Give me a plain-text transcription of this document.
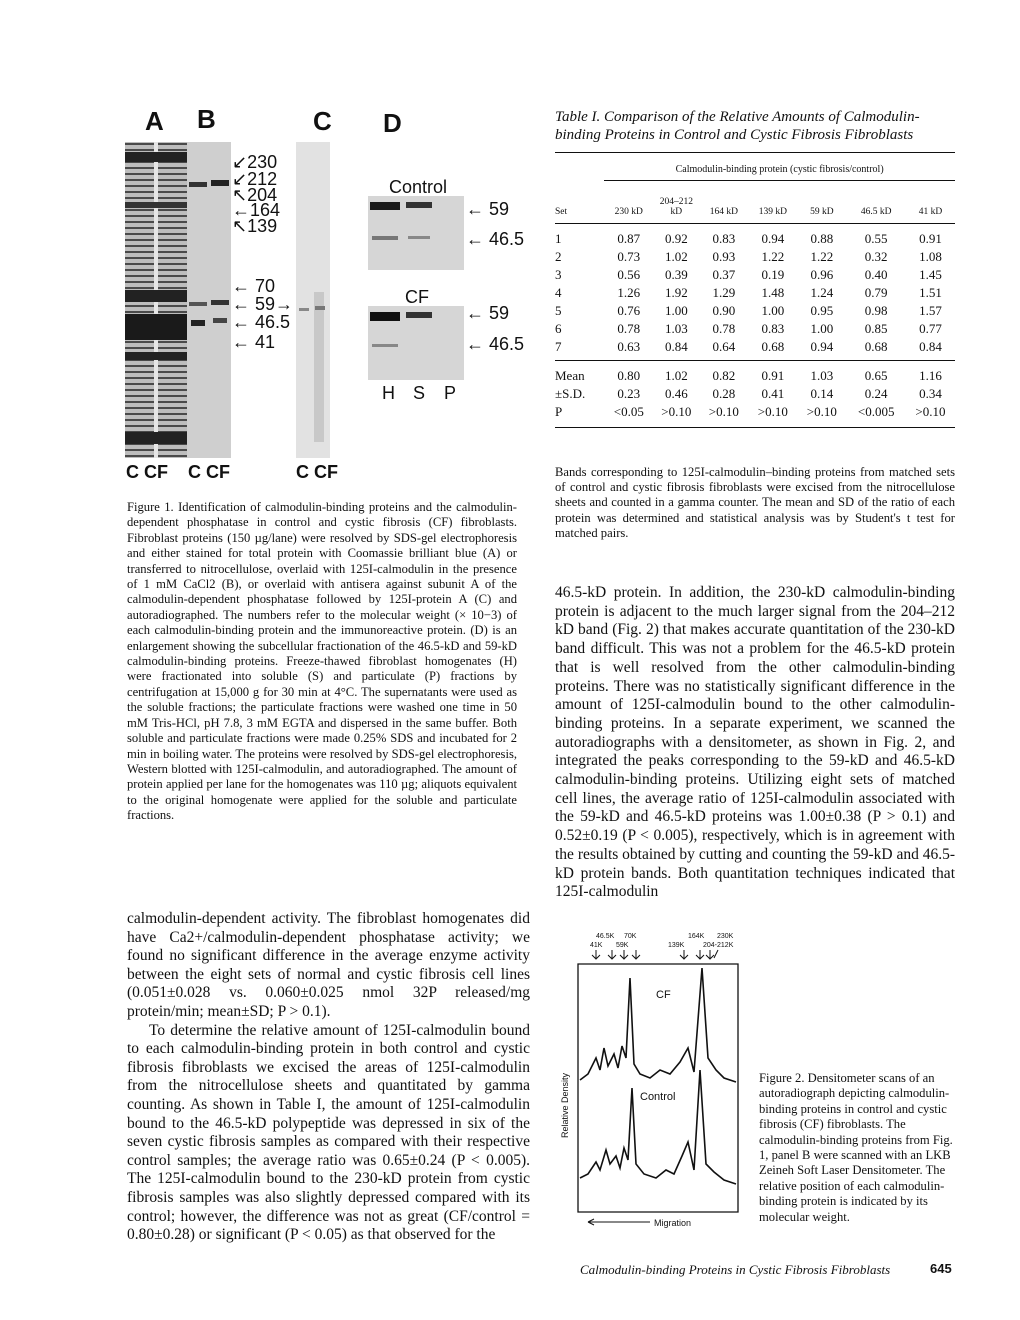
A B	C D
↙230
↙212
↖204
←164
↖139
← 70
← 59→
← 46.5
← 41
Control
CF
← 59
← 46.5
← 59
← 46.5
H S P
C CF C CF	C CF

Figure 1. Identification of calmodulin-binding proteins and the calmodulin-dependent phosphatase in control and cystic fibrosis (CF) fibroblasts. Fibroblast proteins (150 µg/lane) were resolved by SDS-gel electrophoresis and either stained for total protein with Coomassie brilliant blue (A) or transferred to nitrocellulose, overlaid with 125I-calmodulin in the presence of 1 mM CaCl2 (B), or overlaid with antisera against subunit A of the calmodulin-dependent phosphatase followed by 125I-protein A (C) and autoradiographed. The numbers refer to the molecular weight (× 10−3) of each calmodulin-binding protein and the immunoreactive protein. (D) is an enlargement showing the subcellular fractionation of the 46.5-kD and 59-kD calmodulin-binding proteins. Freeze-thawed fibroblast homogenates (H) were fractionated into soluble (S) and particulate (P) fractions by centrifugation at 15,000 g for 30 min at 4°C. The supernatants were used as the soluble fractions; the particulate fractions were washed one time in 50 mM Tris-HCl, pH 7.8, 3 mM EGTA and dispersed in the same buffer. Both soluble and particulate fractions were made 0.25% SDS and incubated for 2 min in boiling water. The proteins were resolved by SDS-gel electrophoresis, Western blotted with 125I-calmodulin, and autoradiographed. The amount of protein applied per lane for the homogenates was 110 µg; aliquots equivalent to the original homogenate were applied for the soluble and particulate fractions.

Table I. Comparison of the Relative Amounts of Calmodulin-binding Proteins in Control and Cystic Fibrosis Fibroblasts
	Calmodulin-binding protein (cystic fibrosis/control)						
Set	230 kD	204–212 kD	164 kD	139 kD	59 kD	46.5 kD	41 kD

1	0.87	0.92	0.83	0.94	0.88	0.55	0.91
2	0.73	1.02	0.93	1.22	1.22	0.32	1.08
3	0.56	0.39	0.37	0.19	0.96	0.40	1.45
4	1.26	1.92	1.29	1.48	1.24	0.79	1.51
5	0.76	1.00	0.90	1.00	0.95	0.98	1.57
6	0.78	1.03	0.78	0.83	1.00	0.85	0.77
7	0.63	0.84	0.64	0.68	0.94	0.68	0.84

Mean	0.80	1.02	0.82	0.91	1.03	0.65	1.16
±S.D.	0.23	0.46	0.28	0.41	0.14	0.24	0.34
P	<0.05	>0.10	>0.10	>0.10	>0.10	<0.005	>0.10

Bands corresponding to 125I-calmodulin–binding proteins from matched sets of control and cystic fibrosis fibroblasts were excised from the nitrocellulose sheets and counted in a gamma counter. The mean and SD of the ratio of each protein was determined and statistical analysis was by Student's t test for matched pairs.

46.5-kD protein. In addition, the 230-kD calmodulin-binding protein is adjacent to the much larger signal from the 204–212 kD band (Fig. 2) that makes accurate quantitation of the 230-kD band difficult. This was not a problem for the 46.5-kD protein that is well resolved from the other calmodulin-binding proteins. There was no statistically significant difference in the amount of 125I-calmodulin bound to the other calmodulin-binding proteins. In a separate experiment, we scanned the autoradiographs with a densitometer, as shown in Fig. 2, and integrated the peaks corresponding to the 59-kD and 46.5-kD calmodulin-binding proteins. Utilizing eight sets of matched cell lines, the average ratio of 125I-calmodulin associated with the 59-kD and 46.5-kD proteins was 1.00±0.38 (P > 0.1) and 0.52±0.19 (P < 0.005), respectively, which is in agreement with the results obtained by cutting and counting the 59-kD and 46.5-kD protein bands. Both quantitation techniques indicated that 125I-calmodulin

calmodulin-dependent activity. The fibroblast homogenates did have Ca2+/calmodulin-dependent phosphatase activity; we found no significant difference in the average enzyme activity between the eight sets of normal and cystic fibrosis cell lines (0.051±0.028 vs. 0.060±0.025 nmol 32P released/mg protein/min; mean±SD; P > 0.1).

To determine the relative amount of 125I-calmodulin bound to each calmodulin-binding protein in both control and cystic fibrosis fibroblasts we excised the areas of 125I-calmodulin from the nitrocellulose sheets and quantitated by gamma counting. As shown in Table I, the amount of 125I-calmodulin bound to the 46.5-kD polypeptide was depressed in six of the seven cystic fibrosis samples as compared with their respective control samples; the average ratio was 0.65±0.24 (P < 0.005). The 125I-calmodulin bound to the 230-kD protein from cystic fibrosis samples was also slightly depressed compared with its control; however, the difference was not as great (CF/control = 0.80±0.28) or significant (P < 0.05) as that observed for the

46.5K 70K	164K 230K
41K 59K	139K	204-212K
CF
Control
Relative Density
Migration

Figure 2. Densitometer scans of an autoradiograph depicting calmodulin-binding proteins in control and cystic fibrosis (CF) fibroblasts. The calmodulin-binding proteins from Fig. 1, panel B were scanned with an LKB Zeineh Soft Laser Densitometer. The relative position of each calmodulin-binding protein is indicated by its molecular weight.

Calmodulin-binding Proteins in Cystic Fibrosis Fibroblasts	645
